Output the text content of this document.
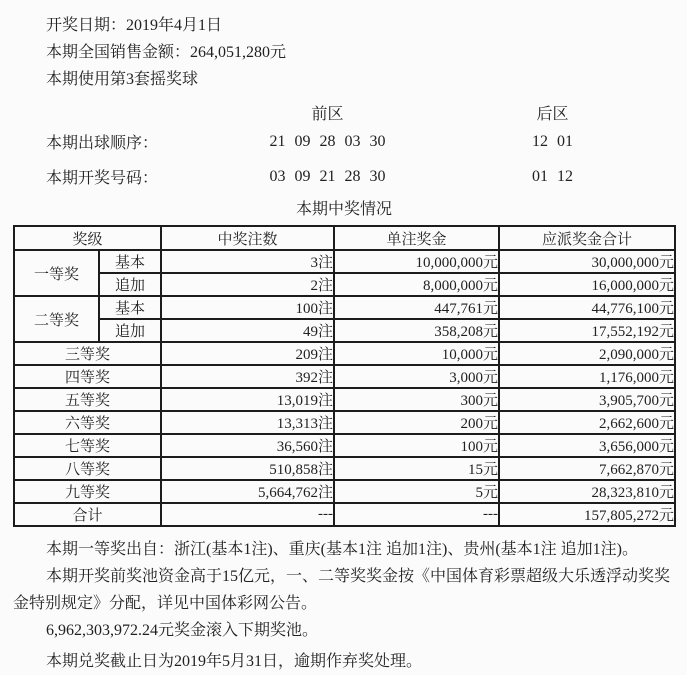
开奖日期：2019年4月1日
本期全国销售金额：264,051,280元
本期使用第3套摇奖球
前区	后区
本期出球顺序：	21 09 28 03 30	12 01
本期开奖号码：	03 09 21 28 30	01 12
本期中奖情况
奖级		中奖注数	单注奖金	应派奖金合计
一等奖	基本	3注	10,000,000元	30,000,000元
	追加	2注	8,000,000元	16,000,000元
二等奖	基本	100注	447,761元	44,776,100元
	追加	49注	358,208元	17,552,192元
三等奖		209注	10,000元	2,090,000元
四等奖		392注	3,000元	1,176,000元
五等奖		13,019注	300元	3,905,700元
六等奖		13,313注	200元	2,662,600元
七等奖		36,560注	100元	3,656,000元
八等奖		510,858注	15元	7,662,870元
九等奖		5,664,762注	5元	28,323,810元
合计		---	---	157,805,272元

本期一等奖出自：浙江(基本1注)、重庆(基本1注 追加1注)、贵州(基本1注 追加1注)。

本期开奖前奖池资金高于15亿元，一、二等奖奖金按《中国体育彩票超级大乐透浮动奖奖金特别规定》分配，详见中国体彩网公告。

6,962,303,972.24元奖金滚入下期奖池。

本期兑奖截止日为2019年5月31日，逾期作弃奖处理。
